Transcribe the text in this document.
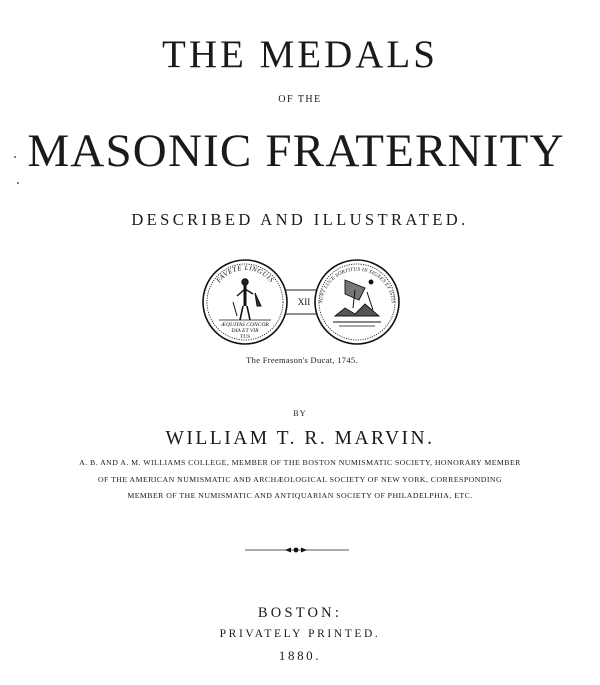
THE MEDALS
OF THE
MASONIC FRATERNITY
DESCRIBED AND ILLUSTRATED.
FAVETE LINGUIS
ÆQUITAS CONCOR
DIA ET VIR
TUS
XII SUNT LUCE SORTITUS IN SIGNES ET ISTIS
The Freemason's Ducat, 1745.
BY
WILLIAM T. R. MARVIN.
A. B. AND A. M. WILLIAMS COLLEGE, MEMBER OF THE BOSTON NUMISMATIC SOCIETY, HONORARY MEMBER
OF THE AMERICAN NUMISMATIC AND ARCHÆOLOGICAL SOCIETY OF NEW YORK, CORRESPONDING
MEMBER OF THE NUMISMATIC AND ANTIQUARIAN SOCIETY OF PHILADELPHIA, ETC.
BOSTON:
PRIVATELY PRINTED.
1880.
